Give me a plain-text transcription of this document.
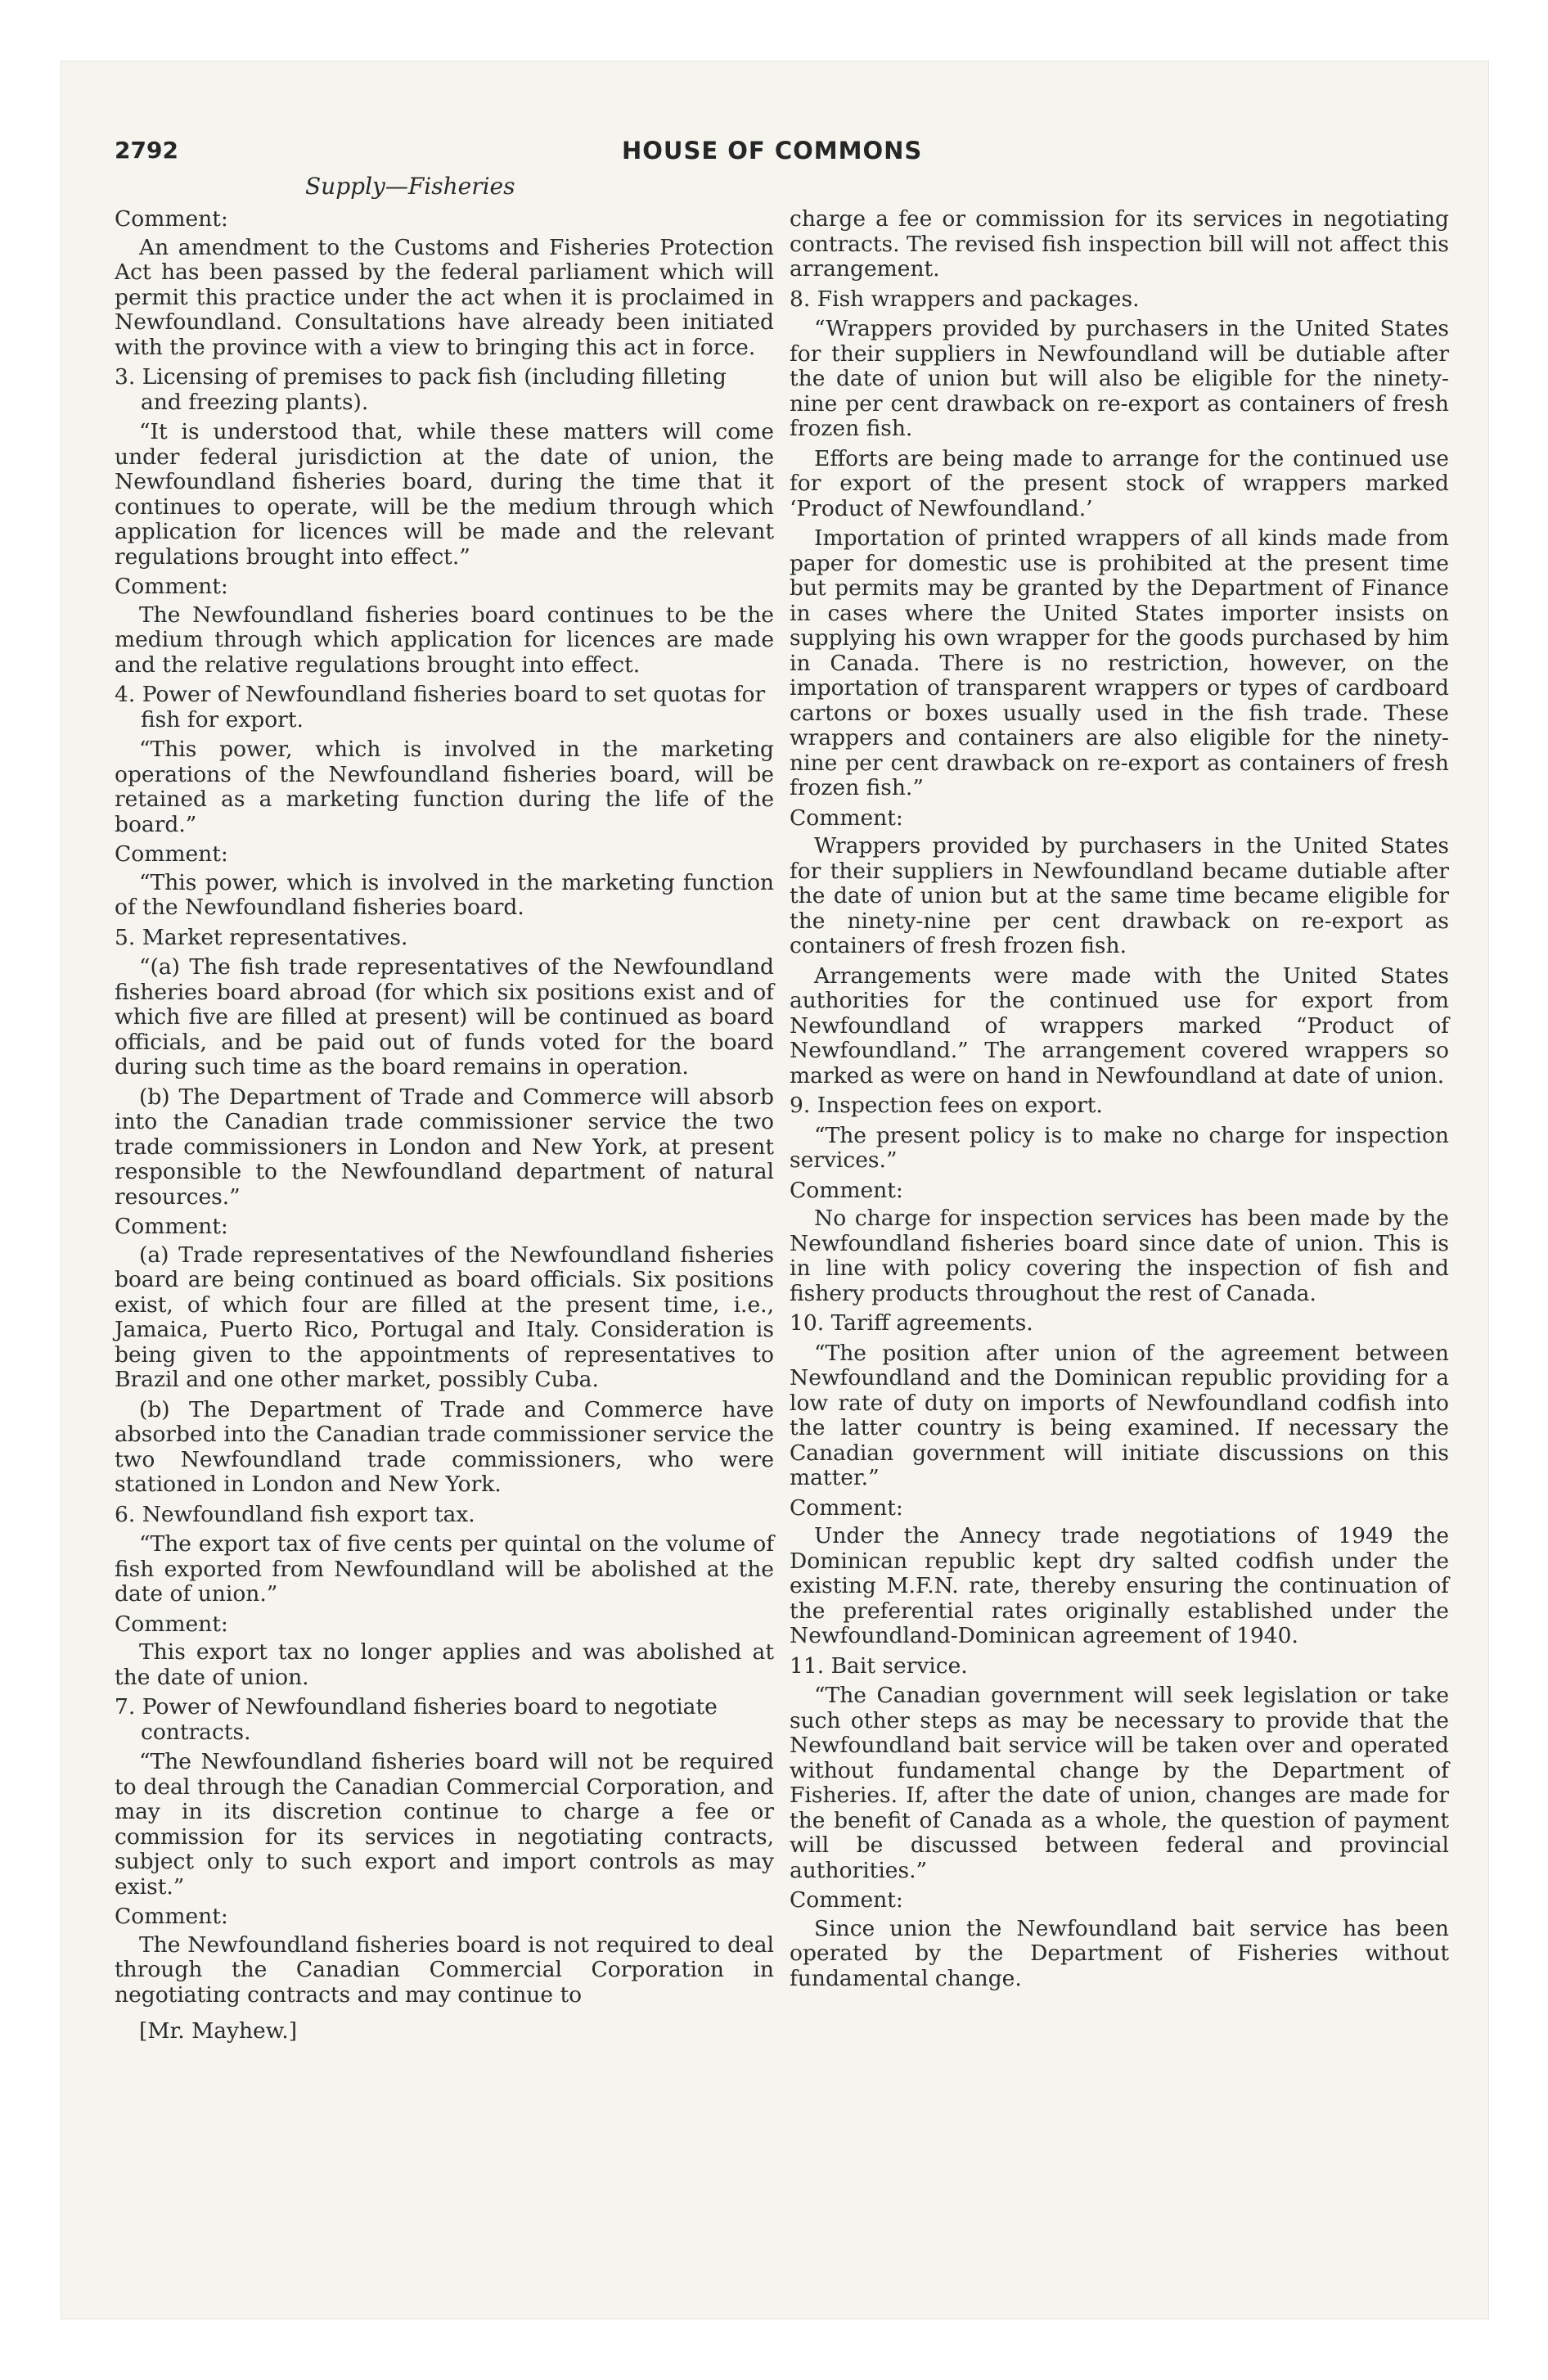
2792	HOUSE OF COMMONS
Supply—Fisheries

Comment:

An amendment to the Customs and Fisheries Protection Act has been passed by the federal parliament which will permit this practice under the act when it is proclaimed in Newfoundland. Consultations have already been initiated with the province with a view to bringing this act in force.

3. Licensing of premises to pack fish (including filleting and freezing plants).

“It is understood that, while these matters will come under federal jurisdiction at the date of union, the Newfoundland fisheries board, during the time that it continues to operate, will be the medium through which application for licences will be made and the relevant regulations brought into effect.”

Comment:

The Newfoundland fisheries board continues to be the medium through which application for licences are made and the relative regulations brought into effect.

4. Power of Newfoundland fisheries board to set quotas for fish for export.

“This power, which is involved in the marketing operations of the Newfoundland fisheries board, will be retained as a marketing function during the life of the board.”

Comment:

“This power, which is involved in the marketing function of the Newfoundland fisheries board.

5. Market representatives.

“(a) The fish trade representatives of the Newfoundland fisheries board abroad (for which six positions exist and of which five are filled at present) will be continued as board officials, and be paid out of funds voted for the board during such time as the board remains in operation.

(b) The Department of Trade and Commerce will absorb into the Canadian trade commissioner service the two trade commissioners in London and New York, at present responsible to the Newfoundland department of natural resources.”

Comment:

(a) Trade representatives of the Newfoundland fisheries board are being continued as board officials. Six positions exist, of which four are filled at the present time, i.e., Jamaica, Puerto Rico, Portugal and Italy. Consideration is being given to the appointments of representatives to Brazil and one other market, possibly Cuba.

(b) The Department of Trade and Commerce have absorbed into the Canadian trade commissioner service the two Newfoundland trade commissioners, who were stationed in London and New York.

6. Newfoundland fish export tax.

“The export tax of five cents per quintal on the volume of fish exported from Newfoundland will be abolished at the date of union.”

Comment:

This export tax no longer applies and was abolished at the date of union.

7. Power of Newfoundland fisheries board to negotiate contracts.

“The Newfoundland fisheries board will not be required to deal through the Canadian Commercial Corporation, and may in its discretion continue to charge a fee or commission for its services in negotiating contracts, subject only to such export and import controls as may exist.”

Comment:

The Newfoundland fisheries board is not required to deal through the Canadian Commercial Corporation in negotiating contracts and may continue to

[Mr. Mayhew.]

charge a fee or commission for its services in negotiating contracts. The revised fish inspection bill will not affect this arrangement.

8. Fish wrappers and packages.

“Wrappers provided by purchasers in the United States for their suppliers in Newfoundland will be dutiable after the date of union but will also be eligible for the ninety-nine per cent drawback on re-export as containers of fresh frozen fish.

Efforts are being made to arrange for the continued use for export of the present stock of wrappers marked ‘Product of Newfoundland.’

Importation of printed wrappers of all kinds made from paper for domestic use is prohibited at the present time but permits may be granted by the Department of Finance in cases where the United States importer insists on supplying his own wrapper for the goods purchased by him in Canada. There is no restriction, however, on the importation of transparent wrappers or types of cardboard cartons or boxes usually used in the fish trade. These wrappers and containers are also eligible for the ninety-nine per cent drawback on re-export as containers of fresh frozen fish.”

Comment:

Wrappers provided by purchasers in the United States for their suppliers in Newfoundland became dutiable after the date of union but at the same time became eligible for the ninety-nine per cent drawback on re-export as containers of fresh frozen fish.

Arrangements were made with the United States authorities for the continued use for export from Newfoundland of wrappers marked “Product of Newfoundland.” The arrangement covered wrappers so marked as were on hand in Newfoundland at date of union.

9. Inspection fees on export.

“The present policy is to make no charge for inspection services.”

Comment:

No charge for inspection services has been made by the Newfoundland fisheries board since date of union. This is in line with policy covering the inspection of fish and fishery products throughout the rest of Canada.

10. Tariff agreements.

“The position after union of the agreement between Newfoundland and the Dominican republic providing for a low rate of duty on imports of Newfoundland codfish into the latter country is being examined. If necessary the Canadian government will initiate discussions on this matter.”

Comment:

Under the Annecy trade negotiations of 1949 the Dominican republic kept dry salted codfish under the existing M.F.N. rate, thereby ensuring the continuation of the preferential rates originally established under the Newfoundland-Dominican agreement of 1940.

11. Bait service.

“The Canadian government will seek legislation or take such other steps as may be necessary to provide that the Newfoundland bait service will be taken over and operated without fundamental change by the Department of Fisheries. If, after the date of union, changes are made for the benefit of Canada as a whole, the question of payment will be discussed between federal and provincial authorities.”

Comment:

Since union the Newfoundland bait service has been operated by the Department of Fisheries without fundamental change.
